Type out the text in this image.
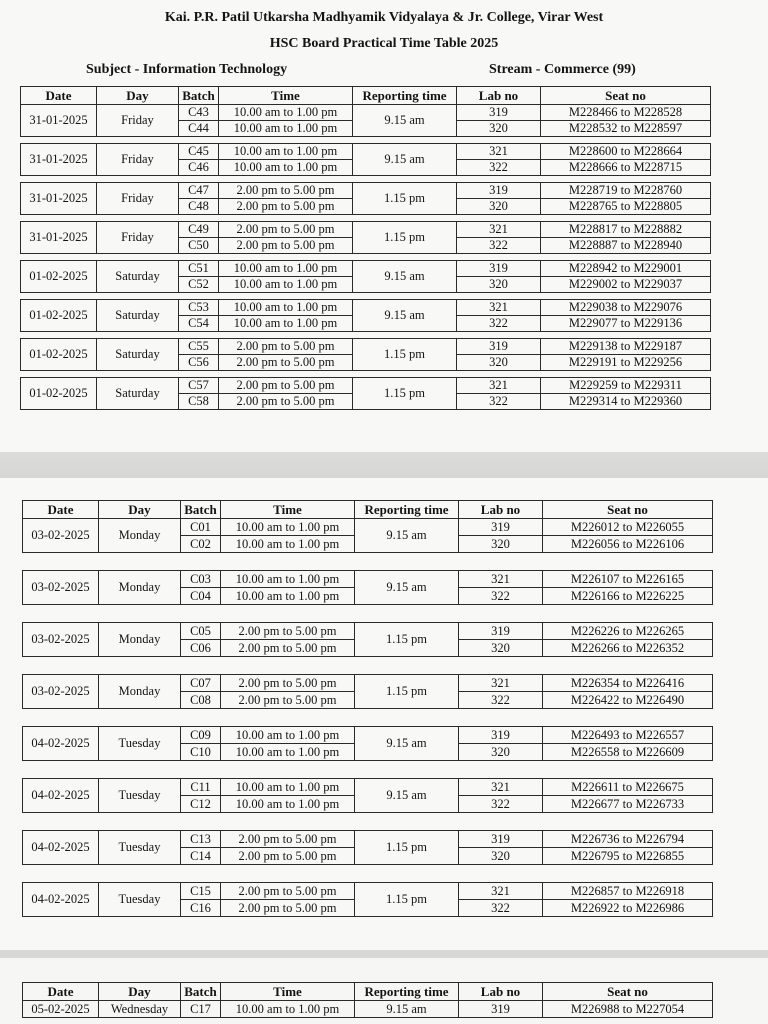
Kai. P.R. Patil Utkarsha Madhyamik Vidyalaya & Jr. College, Virar West
HSC Board Practical Time Table 2025
Subject - Information Technology	Stream - Commerce (99)
Date	Day	Batch	Time	Reporting time	Lab no	Seat no
31-01-2025	Friday	C43	10.00 am to 1.00 pm	9.15 am	319	M228466 to M228528
		C44	10.00 am to 1.00 pm		320	M228532 to M228597

31-01-2025	Friday	C45	10.00 am to 1.00 pm	9.15 am	321	M228600 to M228664
		C46	10.00 am to 1.00 pm		322	M228666 to M228715

31-01-2025	Friday	C47	2.00 pm to 5.00 pm	1.15 pm	319	M228719 to M228760
		C48	2.00 pm to 5.00 pm		320	M228765 to M228805

31-01-2025	Friday	C49	2.00 pm to 5.00 pm	1.15 pm	321	M228817 to M228882
		C50	2.00 pm to 5.00 pm		322	M228887 to M228940

01-02-2025	Saturday	C51	10.00 am to 1.00 pm	9.15 am	319	M228942 to M229001
		C52	10.00 am to 1.00 pm		320	M229002 to M229037

01-02-2025	Saturday	C53	10.00 am to 1.00 pm	9.15 am	321	M229038 to M229076
		C54	10.00 am to 1.00 pm		322	M229077 to M229136

01-02-2025	Saturday	C55	2.00 pm to 5.00 pm	1.15 pm	319	M229138 to M229187
		C56	2.00 pm to 5.00 pm		320	M229191 to M229256

01-02-2025	Saturday	C57	2.00 pm to 5.00 pm	1.15 pm	321	M229259 to M229311
		C58	2.00 pm to 5.00 pm		322	M229314 to M229360
Date	Day	Batch	Time	Reporting time	Lab no	Seat no
03-02-2025	Monday	C01	10.00 am to 1.00 pm	9.15 am	319	M226012 to M226055
		C02	10.00 am to 1.00 pm		320	M226056 to M226106

03-02-2025	Monday	C03	10.00 am to 1.00 pm	9.15 am	321	M226107 to M226165
		C04	10.00 am to 1.00 pm		322	M226166 to M226225

03-02-2025	Monday	C05	2.00 pm to 5.00 pm	1.15 pm	319	M226226 to M226265
		C06	2.00 pm to 5.00 pm		320	M226266 to M226352

03-02-2025	Monday	C07	2.00 pm to 5.00 pm	1.15 pm	321	M226354 to M226416
		C08	2.00 pm to 5.00 pm		322	M226422 to M226490

04-02-2025	Tuesday	C09	10.00 am to 1.00 pm	9.15 am	319	M226493 to M226557
		C10	10.00 am to 1.00 pm		320	M226558 to M226609

04-02-2025	Tuesday	C11	10.00 am to 1.00 pm	9.15 am	321	M226611 to M226675
		C12	10.00 am to 1.00 pm		322	M226677 to M226733

04-02-2025	Tuesday	C13	2.00 pm to 5.00 pm	1.15 pm	319	M226736 to M226794
		C14	2.00 pm to 5.00 pm		320	M226795 to M226855

04-02-2025	Tuesday	C15	2.00 pm to 5.00 pm	1.15 pm	321	M226857 to M226918
		C16	2.00 pm to 5.00 pm		322	M226922 to M226986
Date	Day	Batch	Time	Reporting time	Lab no	Seat no
05-02-2025	Wednesday	C17	10.00 am to 1.00 pm	9.15 am	319	M226988 to M227054
